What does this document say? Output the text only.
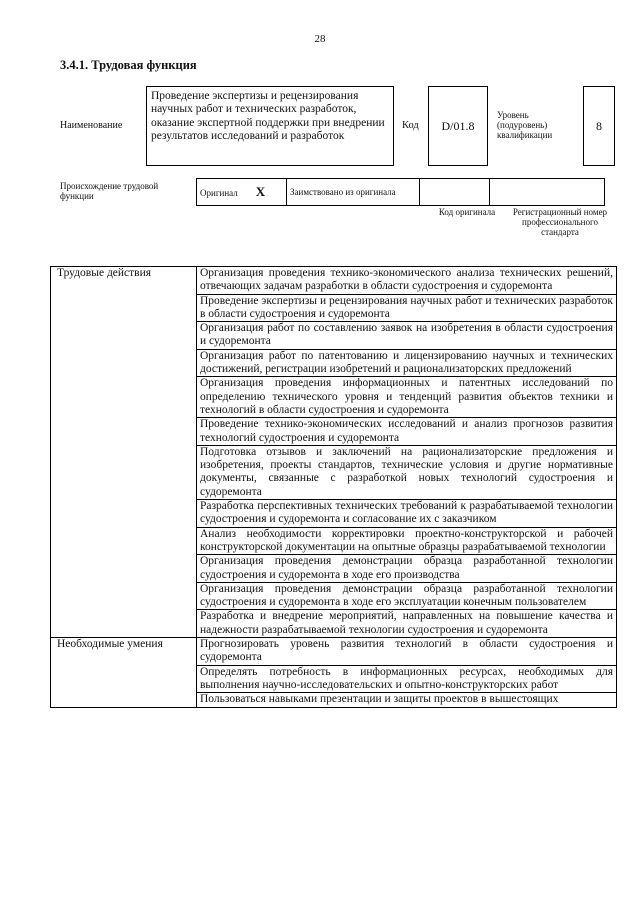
28
3.4.1. Трудовая функция
Наименование
Проведение экспертизы и рецензирования научных работ и технических разработок, оказание экспертной поддержки при внедрении результатов исследований и разработок
Код D/01.8
Уровень (подуровень) квалификации
8
Происхождение трудовой функции	Оригинал X	Заимствовано из оригинала		
Код оригинала	Регистрационный номер профессионального стандарта
Трудовые действия	Организация проведения технико-экономического анализа технических решений, отвечающих задачам разработки в области судостроения и судоремонта
	Проведение экспертизы и рецензирования научных работ и технических разработок в области судостроения и судоремонта
	Организация работ по составлению заявок на изобретения в области судостроения и судоремонта
	Организация работ по патентованию и лицензированию научных и технических достижений, регистрации изобретений и рационализаторских предложений
	Организация проведения информационных и патентных исследований по определению технического уровня и тенденций развития объектов техники и технологий в области судостроения и судоремонта
	Проведение технико-экономических исследований и анализ прогнозов развития технологий судостроения и судоремонта
	Подготовка отзывов и заключений на рационализаторские предложения и изобретения, проекты стандартов, технические условия и другие нормативные документы, связанные с разработкой новых технологий судостроения и судоремонта
	Разработка перспективных технических требований к разрабатываемой технологии судостроения и судоремонта и согласование их с заказчиком
	Анализ необходимости корректировки проектно-конструкторской и рабочей конструкторской документации на опытные образцы разрабатываемой технологии
	Организация проведения демонстрации образца разработанной технологии судостроения и судоремонта в ходе его производства
	Организация проведения демонстрации образца разработанной технологии судостроения и судоремонта в ходе его эксплуатации конечным пользователем
	Разработка и внедрение мероприятий, направленных на повышение качества и надежности разрабатываемой технологии судостроения и судоремонта
Необходимые умения	Прогнозировать уровень развития технологий в области судостроения и судоремонта
	Определять потребность в информационных ресурсах, необходимых для выполнения научно-исследовательских и опытно-конструкторских работ

	Пользоваться навыками презентации и защиты проектов в вышестоящих
